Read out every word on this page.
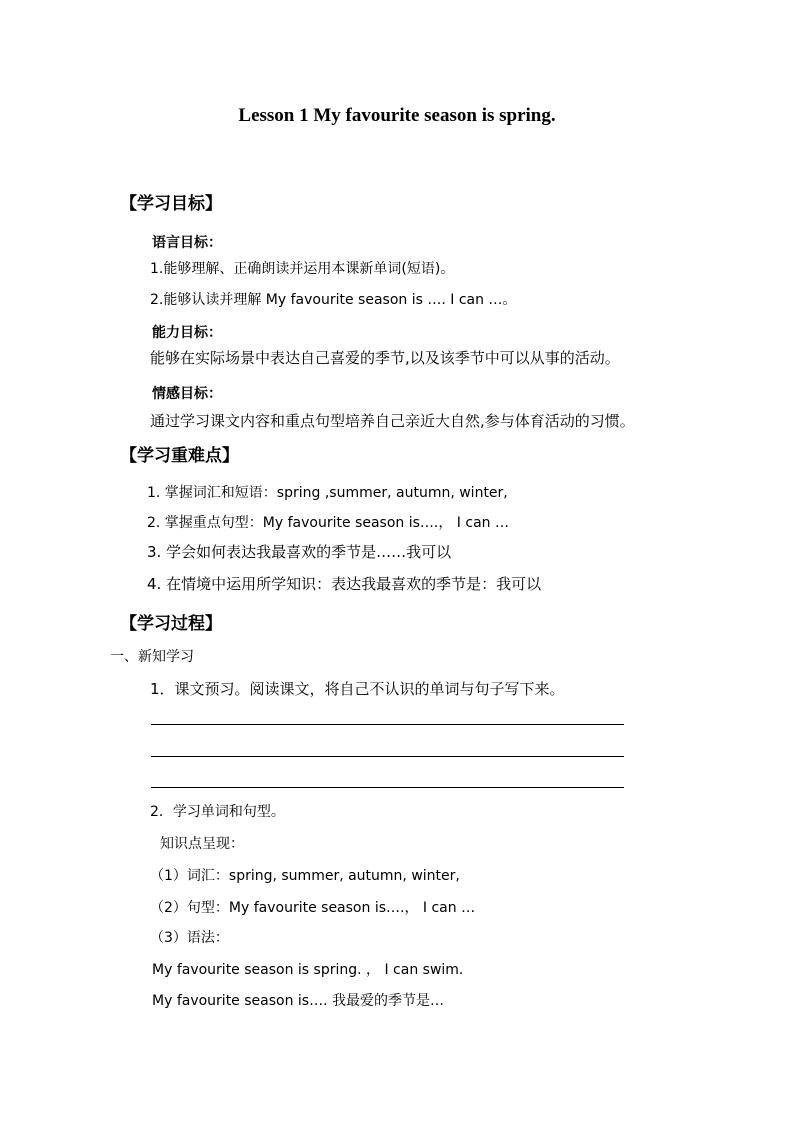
Lesson 1 My favourite season is spring.
【学习目标】
语言目标：
1.能够理解、正确朗读并运用本课新单词(短语)。
2.能够认读并理解 My favourite season is …. I can …。
能力目标：
能够在实际场景中表达自己喜爱的季节,以及该季节中可以从事的活动。
情感目标：
通过学习课文内容和重点句型培养自己亲近大自然,参与体育活动的习惯。
【学习重难点】
1. 掌握词汇和短语：spring ,summer, autumn, winter,
2. 掌握重点句型：My favourite season is….， I can …
3. 学会如何表达我最喜欢的季节是……我可以
4. 在情境中运用所学知识：表达我最喜欢的季节是：我可以
【学习过程】
一、新知学习
1．课文预习。阅读课文，将自己不认识的单词与句子写下来。
2．学习单词和句型。
知识点呈现：
（1）词汇：spring, summer, autumn, winter,
（2）句型：My favourite season is….， I can …
（3）语法：
My favourite season is spring. ， I can swim.
My favourite season is…. 我最爱的季节是…
